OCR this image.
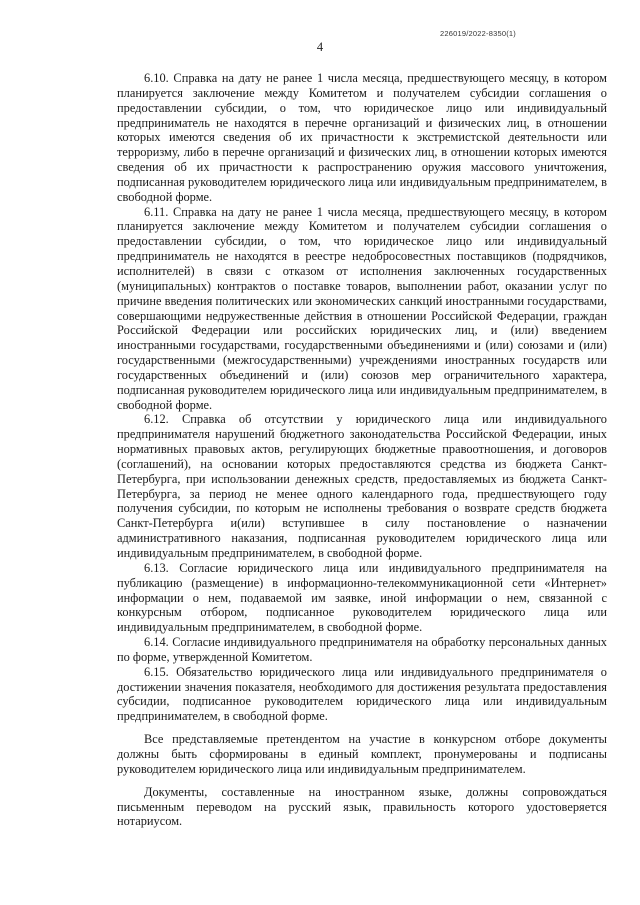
226019/2022-8350(1)
4

6.10. Справка на дату не ранее 1 числа месяца, предшествующего месяцу, в котором планируется заключение между Комитетом и получателем субсидии соглашения о предоставлении субсидии, о том, что юридическое лицо или индивидуальный предприниматель не находятся в перечне организаций и физических лиц, в отношении которых имеются сведения об их причастности к экстремистской деятельности или терроризму, либо в перечне организаций и физических лиц, в отношении которых имеются сведения об их причастности к распространению оружия массового уничтожения, подписанная руководителем юридического лица или индивидуальным предпринимателем, в свободной форме.

6.11. Справка на дату не ранее 1 числа месяца, предшествующего месяцу, в котором планируется заключение между Комитетом и получателем субсидии соглашения о предоставлении субсидии, о том, что юридическое лицо или индивидуальный предприниматель не находятся в реестре недобросовестных поставщиков (подрядчиков, исполнителей) в связи с отказом от исполнения заключенных государственных (муниципальных) контрактов о поставке товаров, выполнении работ, оказании услуг по причине введения политических или экономических санкций иностранными государствами, совершающими недружественные действия в отношении Российской Федерации, граждан Российской Федерации или российских юридических лиц, и (или) введением иностранными государствами, государственными объединениями и (или) союзами и (или) государственными (межгосударственными) учреждениями иностранных государств или государственных объединений и (или) союзов мер ограничительного характера, подписанная руководителем юридического лица или индивидуальным предпринимателем, в свободной форме.

6.12. Справка об отсутствии у юридического лица или индивидуального предпринимателя нарушений бюджетного законодательства Российской Федерации, иных нормативных правовых актов, регулирующих бюджетные правоотношения, и договоров (соглашений), на основании которых предоставляются средства из бюджета Санкт-Петербурга, при использовании денежных средств, предоставляемых из бюджета Санкт-Петербурга, за период не менее одного календарного года, предшествующего году получения субсидии, по которым не исполнены требования о возврате средств бюджета Санкт-Петербурга и(или) вступившее в силу постановление о назначении административного наказания, подписанная руководителем юридического лица или индивидуальным предпринимателем, в свободной форме.

6.13. Согласие юридического лица или индивидуального предпринимателя на публикацию (размещение) в информационно-телекоммуникационной сети «Интернет» информации о нем, подаваемой им заявке, иной информации о нем, связанной с конкурсным отбором, подписанное руководителем юридического лица или индивидуальным предпринимателем, в свободной форме.

6.14. Согласие индивидуального предпринимателя на обработку персональных данных по форме, утвержденной Комитетом.

6.15. Обязательство юридического лица или индивидуального предпринимателя о достижении значения показателя, необходимого для достижения результата предоставления субсидии, подписанное руководителем юридического лица или индивидуальным предпринимателем, в свободной форме.

Все представляемые претендентом на участие в конкурсном отборе документы должны быть сформированы в единый комплект, пронумерованы и подписаны руководителем юридического лица или индивидуальным предпринимателем.

Документы, составленные на иностранном языке, должны сопровождаться письменным переводом на русский язык, правильность которого удостоверяется нотариусом.
